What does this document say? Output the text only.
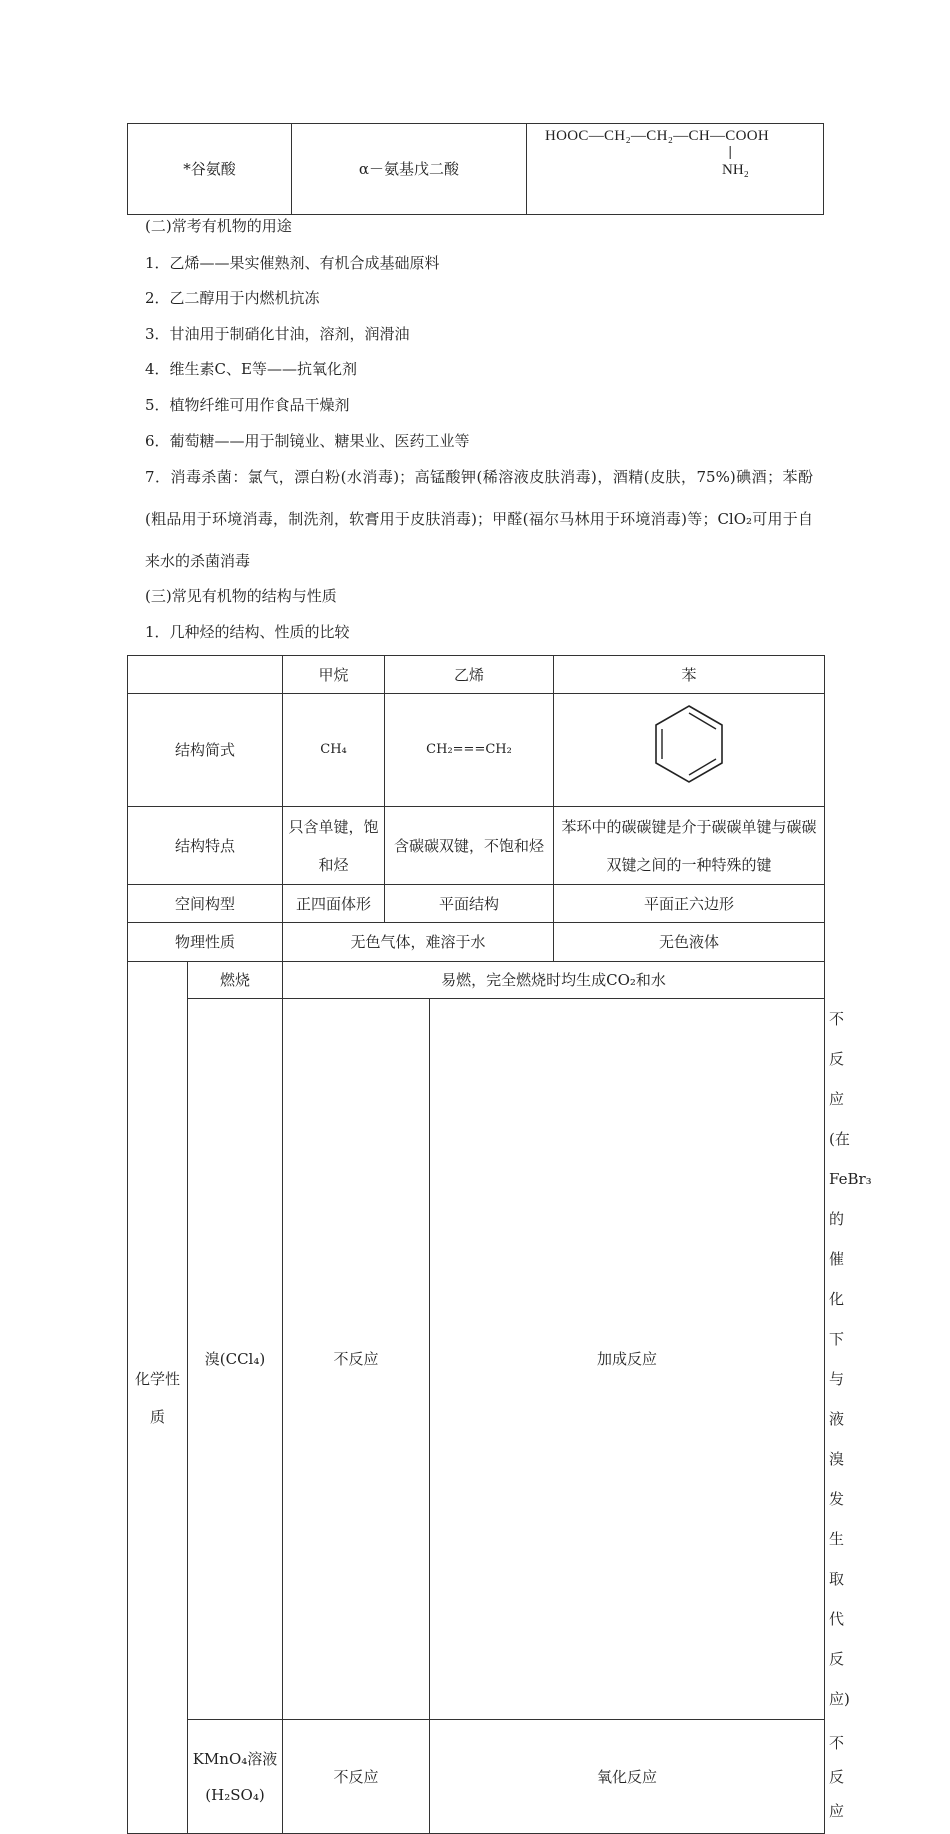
*谷氨酸	α－氨基戊二酸	
HOOC—CH₂—CH₂—CH—COOH
|
NH₂

(二)常考有机物的用途

1．乙烯——果实催熟剂、有机合成基础原料

2．乙二醇用于内燃机抗冻

3．甘油用于制硝化甘油，溶剂，润滑油

4．维生素C、E等——抗氧化剂

5．植物纤维可用作食品干燥剂

6．葡萄糖——用于制镜业、糖果业、医药工业等

7．消毒杀菌：氯气，漂白粉(水消毒)；高锰酸钾(稀溶液皮肤消毒)，酒精(皮肤，75%)碘酒；苯酚(粗品用于环境消毒，制洗剂，软膏用于皮肤消毒)；甲醛(福尔马林用于环境消毒)等；ClO₂可用于自来水的杀菌消毒

(三)常见有机物的结构与性质

1．几种烃的结构、性质的比较

		甲烷	乙烯		苯	
结构简式		CH₄	CH₂===CH₂	
结构特点		只含单键，饱和烃	含碳碳双键，不饱和烃		苯环中的碳碳键是介于碳碳单键与碳碳双键之间的一种特殊的键	
空间构型		正四面体形	平面结构		平面正六边形	
物理性质		无色气体，难溶于水			无色液体	
化学性质	燃烧	易燃，完全燃烧时均生成CO₂和水				
	溴(CCl₄)	不反应		加成反应		不反应(在FeBr₃的催化下与液溴发生取代反应)
	KMnO₄溶液(H₂SO₄)	不反应		氧化反应		不反应
